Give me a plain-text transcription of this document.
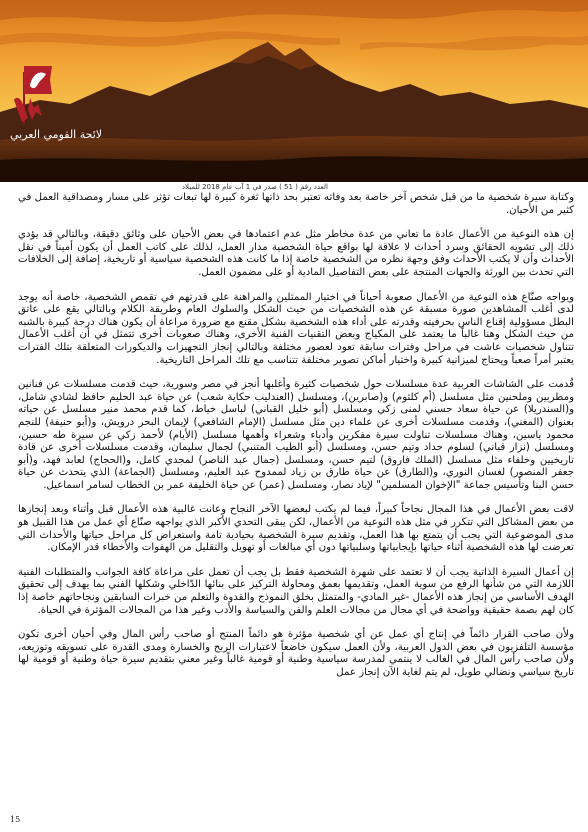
لائحة القومي العربي
العدد رقم ( 51 ) صدر في 1 آب عام 2018 للميلاد

وكتابة سيرة شخصية ما من قبل شخص آخر خاصة بعد وفاته تعتبر بحد ذاتها ثغرة كبيرة لها تبعات تؤثر على مسار ومصداقية العمل في كثير من الأحيان.

إن هذه النوعية من الأعمال عادة ما تعاني من عدة مخاطر مثل عدم اعتمادها في بعض الأحيان على وثائق دقيقة، وبالتالي قد يؤدي ذلك إلى تشويه الحقائق وسرد أحداث لا علاقة لها بواقع حياة الشخصية مدار العمل، لذلك على كاتب العمل أن يكون أميناً في نقل الأحداث وأن لا يكتب الأحداث وفق وجهة نظره من الشخصية خاصة إذا ما كانت هذه الشخصية سياسية أو تاريخية، إضافة إلى الخلافات التي تحدث بين الورثة والجهات المنتجة على بعض التفاصيل المادية أو على مضمون العمل.

ويواجه صنّاع هذه النوعية من الأعمال صعوبة أحياناً في اختيار الممثلين والمراهنة على قدرتهم في تقمص الشخصية، خاصة أنه يوجد لدى أغلب المشاهدين صورة مسبقة عن هذه الشخصيات من حيث الشكل والسلوك العام وطريقة الكلام وبالتالي يقع على عاتق البطل مسؤولية إقناع الناس بحرفيته وقدرته على أداء هذه الشخصية بشكل مقنع مع ضرورة مراعاة أن يكون هناك درجة كبيرة بالشبه من حيث الشكل وهنا غالباً ما يعتمد على المكياج وبعض التقنيات الفنية الأخرى، وهناك صعوبات أخرى تتمثل في أن أغلب الأعمال تتناول شخصيات عاشت في مراحل وفترات سابقة تعود لعصور مختلفة وبالتالي إنجاز التجهيزات والديكورات المتعلقة بتلك الفترات يعتبر أمراً صعباً ويحتاج لميزانية كبيرة واختيار أماكن تصوير مختلفة تتناسب مع تلك المراحل التاريخية.

قُدمت على الشاشات العربية عدة مسلسلات حول شخصيات كثيرة وأغلبها أنجز في مصر وسورية، حيث قدمت مسلسلات عن فنانين ومطربين وملحنين مثل مسلسل (أم كلثوم) و(صابرين)، ومسلسل (العندليب حكاية شعب) عن حياة عبد الحليم حافظ لشادي شامل، و(السندريلا) عن حياة سعاد حسني لمنى زكي ومسلسل (أبو خليل القباني) لباسل خياط، كما قدم محمد منير مسلسل عن حياته بعنوان (المغني)، وقدمت مسلسلات أخرى عن علماء دين مثل مسلسل (الإمام الشافعي) لإيمان البحر درويش، و(أبو حنيفة) للنجم محمود ياسين، وهناك مسلسلات تناولت سيرة مفكرين وأدباء وشعراء وأهمها مسلسل (الأيام) لأحمد زكي عن سيرة طه حسين، ومسلسل (نزار قباني) لسلوم حداد وتيم حسن، ومسلسل (أبو الطيب المتنبي) لجمال سليمان، وقدمت مسلسلات أخرى عن قادة تاريخيين وخلفاء مثل مسلسل (الملك فاروق) لتيم حسن، ومسلسل (جمال عبد الناصر) لمجدي كامل، و(الحجاج) لعابد فهد، و(أبو جعفر المنصور) لغسان النوري، و(الطارق) عن حياة طارق بن زياد لممدوح عبد العليم، ومسلسل (الجماعة) الذي يتحدث عن حياة حسن البنا وتأسيس جماعة "الإخوان المسلمين" لإياد نصار، ومسلسل (عمر) عن حياة الخليفة عمر بن الخطاب لسامر اسماعيل.

لاقت بعض الأعمال في هذا المجال نجاحاً كبيراً، فيما لم يكتب لبعضها الآخر النجاح وعانت غالبية هذه الأعمال قبل وأثناء وبعد إنجازها من بعض المشاكل التي تتكرر في مثل هذه النوعية من الأعمال، لكن يبقى التحدي الأكبر الذي يواجهه صنّاع أي عمل من هذا القبيل هو مدى الموضوعية التي يجب أن يتمتع بها هذا العمل، وتقديم سيرة الشخصية بحيادية تامة واستعراض كل مراحل حياتها والأحداث التي تعرضت لها هذه الشخصية أثناء حياتها بإيجابياتها وسلبياتها دون أي مبالغات أو تهويل والتقليل من الهفوات والأخطاء قدر الإمكان.

إن أعمال السيرة الذاتية يجب أن لا تعتمد على شهرة الشخصية فقط بل يجب أن تعمل على مراعاة كافة الجوانب والمتطلبات الفنية اللازمة التي من شأنها الرفع من سوية العمل، وتقديمها بعمق ومحاولة التركيز على بنائها الدّاخلي وشكلها الفني بما يهدف إلى تحقيق الهدف الأساسي من إنجاز هذه الأعمال -غير المادي- والمتمثل بخلق النموذج والقدوة والتعلم من خبرات السابقين ونجاحاتهم خاصة إذا كان لهم بصمة حقيقية وواضحة في أي مجال من مجالات العلم والفن والسياسة والأدب وغير هذا من المجالات المؤثرة في الحياة.

ولأن صاحب القرار دائماً في إنتاج أي عمل عن أي شخصية مؤثرة هو دائماً المنتج أو صاحب رأس المال وفي أحيان أخرى تكون مؤسسة التلفزيون في بعض الدول العربية، ولأن العمل سيكون خاضعاً لاعتبارات الربح والخسارة ومدى القدرة على تسويقه وتوزيعه، ولأن صاحب رأس المال في الغالب لا ينتمي لمدرسة سياسية وطنية أو قومية غالباً وغير معني بتقديم سيرة حياة وطنية أو قومية لها تاريخ سياسي ونضالي طويل، لم يتم لغاية الآن إنجاز عمل

15
